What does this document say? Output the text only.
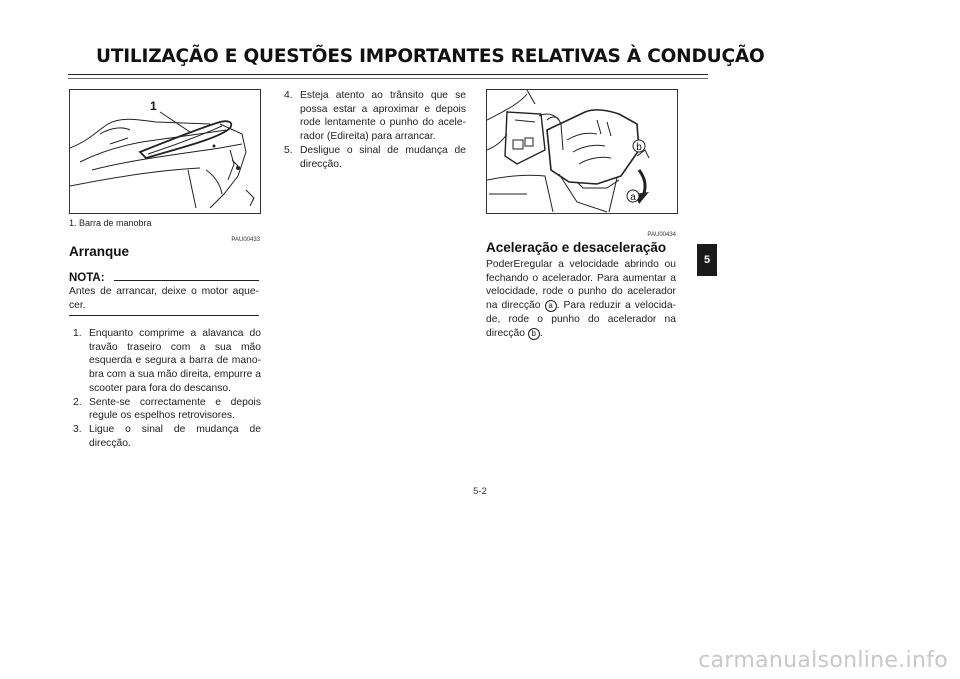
UTILIZAÇÃO E QUESTÕES IMPORTANTES RELATIVAS À CONDUÇÃO
1
1. Barra de manobra
PAU00433
Arranque
NOTA:
Antes de arrancar, deixe o motor aque-cer.
1. Enquanto comprime a alavanca do travão traseiro com a sua mão esquerda e segura a barra de mano-bra com a sua mão direita, empurre a scooter para fora do descanso.
2. Sente-se correctamente e depois regule os espelhos retrovisores.
3. Ligue o sinal de mudança de direcção.
4. Esteja atento ao trânsito que se possa estar a aproximar e depois rode lentamente o punho do acele-rador (Edireita) para arrancar.
5. Desligue o sinal de mudança de direcção.
b
a
PAU00434
Aceleração e desaceleração
PoderEregular a velocidade abrindo ou fechando o acelerador. Para aumentar a velocidade, rode o punho do acelerador na direcção a . Para reduzir a velocida-de, rode o punho do acelerador na direcção b .
5-2
5
carmanualsonline.info
